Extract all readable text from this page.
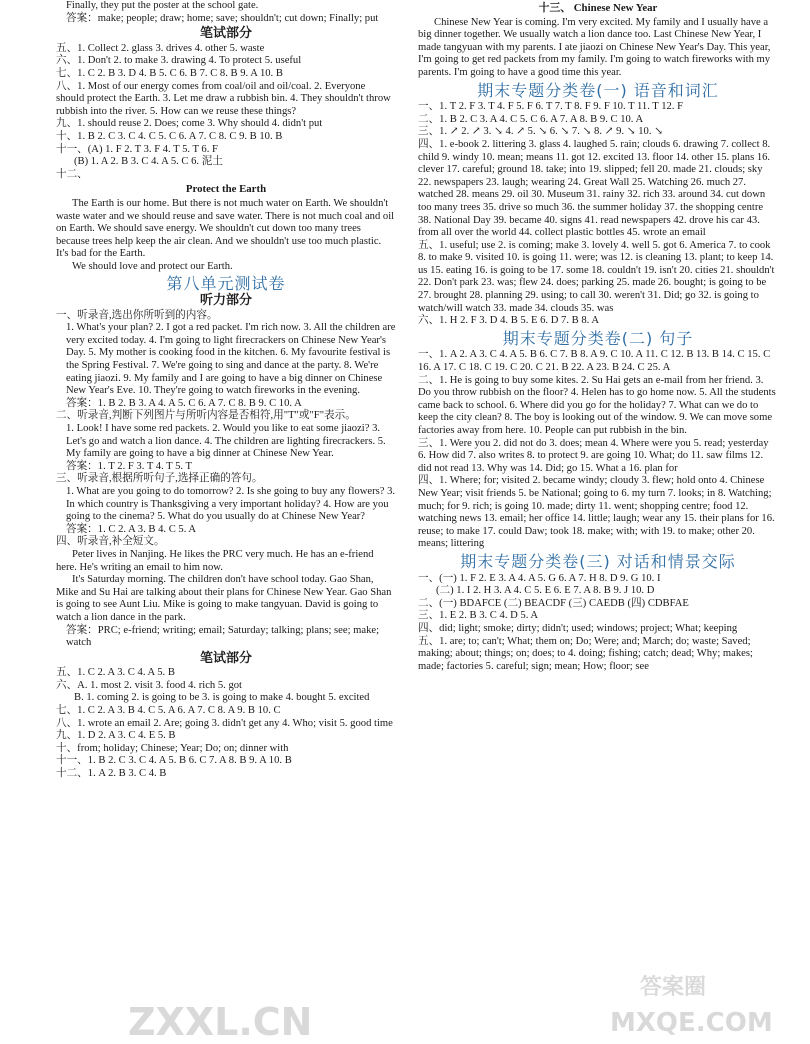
Finally, they put the poster at the school gate.

答案：make; people; draw; home; save; shouldn't; cut down; Finally; put

笔试部分

五、1. Collect 2. glass 3. drives 4. other 5. waste

六、1. Don't 2. to make 3. drawing 4. To protect 5. useful

七、1. C 2. B 3. D 4. B 5. C 6. B 7. C 8. B 9. A 10. B

八、1. Most of our energy comes from coal/oil and oil/coal. 2. Everyone should protect the Earth. 3. Let me draw a rubbish bin. 4. They shouldn't throw rubbish into the river. 5. How can we reuse these things?

九、1. should reuse 2. Does; come 3. Why should 4. didn't put

十、1. B 2. C 3. C 4. C 5. C 6. A 7. C 8. C 9. B 10. B

十一、(A) 1. F 2. T 3. F 4. T 5. T 6. F

(B) 1. A 2. B 3. C 4. A 5. C 6. 泥土

十二、

Protect the Earth

The Earth is our home. But there is not much water on Earth. We shouldn't waste water and we should reuse and save water. There is not much coal and oil on Earth. We should save energy. We shouldn't cut down too many trees because trees help keep the air clean. And we shouldn't use too much plastic. It's bad for the Earth.

We should love and protect our Earth.

第八单元测试卷
听力部分

一、听录音,选出你所听到的内容。

1. What's your plan? 2. I got a red packet. I'm rich now. 3. All the children are very excited today. 4. I'm going to light firecrackers on Chinese New Year's Day. 5. My mother is cooking food in the kitchen. 6. My favourite festival is the Spring Festival. 7. We're going to sing and dance at the party. 8. We're eating jiaozi. 9. My family and I are going to have a big dinner on Chinese New Year's Eve. 10. They're going to watch fireworks in the evening.

答案：1. B 2. B 3. A 4. A 5. C 6. A 7. C 8. B 9. C 10. A

二、听录音,判断下列图片与所听内容是否相符,用"T"或"F"表示。

1. Look! I have some red packets. 2. Would you like to eat some jiaozi? 3. Let's go and watch a lion dance. 4. The children are lighting firecrackers. 5. My family are going to have a big dinner at Chinese New Year.

答案：1. T 2. F 3. T 4. T 5. T

三、听录音,根据所听句子,选择正确的答句。

1. What are you going to do tomorrow? 2. Is she going to buy any flowers? 3. In which country is Thanksgiving a very important holiday? 4. How are you going to the cinema? 5. What do you usually do at Chinese New Year?

答案：1. C 2. A 3. B 4. C 5. A

四、听录音,补全短文。

Peter lives in Nanjing. He likes the PRC very much. He has an e-friend here. He's writing an email to him now.

It's Saturday morning. The children don't have school today. Gao Shan, Mike and Su Hai are talking about their plans for Chinese New Year. Gao Shan is going to see Aunt Liu. Mike is going to make tangyuan. David is going to watch a lion dance in the park.

答案：PRC; e-friend; writing; email; Saturday; talking; plans; see; make; watch

笔试部分

五、1. C 2. A 3. C 4. A 5. B

六、A. 1. most 2. visit 3. food 4. rich 5. got

B. 1. coming 2. is going to be 3. is going to make 4. bought 5. excited

七、1. C 2. A 3. B 4. C 5. A 6. A 7. C 8. A 9. B 10. C

八、1. wrote an email 2. Are; going 3. didn't get any 4. Who; visit 5. good time

九、1. D 2. A 3. C 4. E 5. B

十、from; holiday; Chinese; Year; Do; on; dinner with

十一、1. B 2. C 3. C 4. A 5. B 6. C 7. A 8. B 9. A 10. B

十二、1. A 2. B 3. C 4. B

十三、 Chinese New Year

Chinese New Year is coming. I'm very excited. My family and I usually have a big dinner together. We usually watch a lion dance too. Last Chinese New Year, I made tangyuan with my parents. I ate jiaozi on Chinese New Year's Day. This year, I'm going to get red packets from my family. I'm going to watch fireworks with my parents. I'm going to have a good time this year.

期末专题分类卷(一) 语音和词汇

一、1. T 2. F 3. T 4. F 5. F 6. T 7. T 8. F 9. F 10. T 11. T 12. F

二、1. B 2. C 3. A 4. C 5. C 6. A 7. A 8. B 9. C 10. A

三、1. ↗ 2. ↗ 3. ↘ 4. ↗ 5. ↘ 6. ↘ 7. ↘ 8. ↗ 9. ↘ 10. ↘

四、1. e-book 2. littering 3. glass 4. laughed 5. rain; clouds 6. drawing 7. collect 8. child 9. windy 10. mean; means 11. got 12. excited 13. floor 14. other 15. plans 16. clever 17. careful; ground 18. take; into 19. slipped; fell 20. made 21. clouds; sky 22. newspapers 23. laugh; wearing 24. Great Wall 25. Watching 26. much 27. watched 28. means 29. oil 30. Museum 31. rainy 32. rich 33. around 34. cut down too many trees 35. drive so much 36. the summer holiday 37. the shopping centre 38. National Day 39. became 40. signs 41. read newspapers 42. drove his car 43. from all over the world 44. collect plastic bottles 45. wrote an email

五、1. useful; use 2. is coming; make 3. lovely 4. well 5. got 6. America 7. to cook 8. to make 9. visited 10. is going 11. were; was 12. is cleaning 13. plant; to keep 14. us 15. eating 16. is going to be 17. some 18. couldn't 19. isn't 20. cities 21. shouldn't 22. Don't park 23. was; flew 24. does; parking 25. made 26. bought; is going to be 27. brought 28. planning 29. using; to call 30. weren't 31. Did; go 32. is going to watch/will watch 33. made 34. clouds 35. was

六、1. H 2. F 3. D 4. B 5. E 6. D 7. B 8. A

期末专题分类卷(二) 句子

一、1. A 2. A 3. C 4. A 5. B 6. C 7. B 8. A 9. C 10. A 11. C 12. B 13. B 14. C 15. C 16. A 17. C 18. C 19. C 20. C 21. B 22. A 23. B 24. C 25. A

二、1. He is going to buy some kites. 2. Su Hai gets an e-mail from her friend. 3. Do you throw rubbish on the floor? 4. Helen has to go home now. 5. All the students came back to school. 6. Where did you go for the holiday? 7. What can we do to keep the city clean? 8. The boy is looking out of the window. 9. We can move some factories away from here. 10. People can put rubbish in the bin.

三、1. Were you 2. did not do 3. does; mean 4. Where were you 5. read; yesterday 6. How did 7. also writes 8. to protect 9. are going 10. What; do 11. saw films 12. did not read 13. Why was 14. Did; go 15. What a 16. plan for

四、1. Where; for; visited 2. became windy; cloudy 3. flew; hold onto 4. Chinese New Year; visit friends 5. be National; going to 6. my turn 7. looks; in 8. Watching; much; for 9. rich; is going 10. made; dirty 11. went; shopping centre; food 12. watching news 13. email; her office 14. little; laugh; wear any 15. their plans for 16. reuse; to make 17. could Daw; took 18. make; with; with 19. to make; other 20. means; littering

期末专题分类卷(三) 对话和情景交际

一、(一) 1. F 2. E 3. A 4. A 5. G 6. A 7. H 8. D 9. G 10. I

(二) 1. I 2. H 3. A 4. C 5. E 6. E 7. A 8. B 9. J 10. D

二、(一) BDAFCE (二) BEACDF (三) CAEDB (四) CDBFAE

三、1. E 2. B 3. C 4. D 5. A

四、did; light; smoke; dirty; didn't; used; windows; project; What; keeping

五、1. are; to; can't; What; them on; Do; Were; and; March; do; waste; Saved; making; about; things; on; does; to 4. doing; fishing; catch; dead; Why; makes; made; factories 5. careful; sign; mean; How; floor; see

ZXXL.CN	MXQE.COM
答案圈
